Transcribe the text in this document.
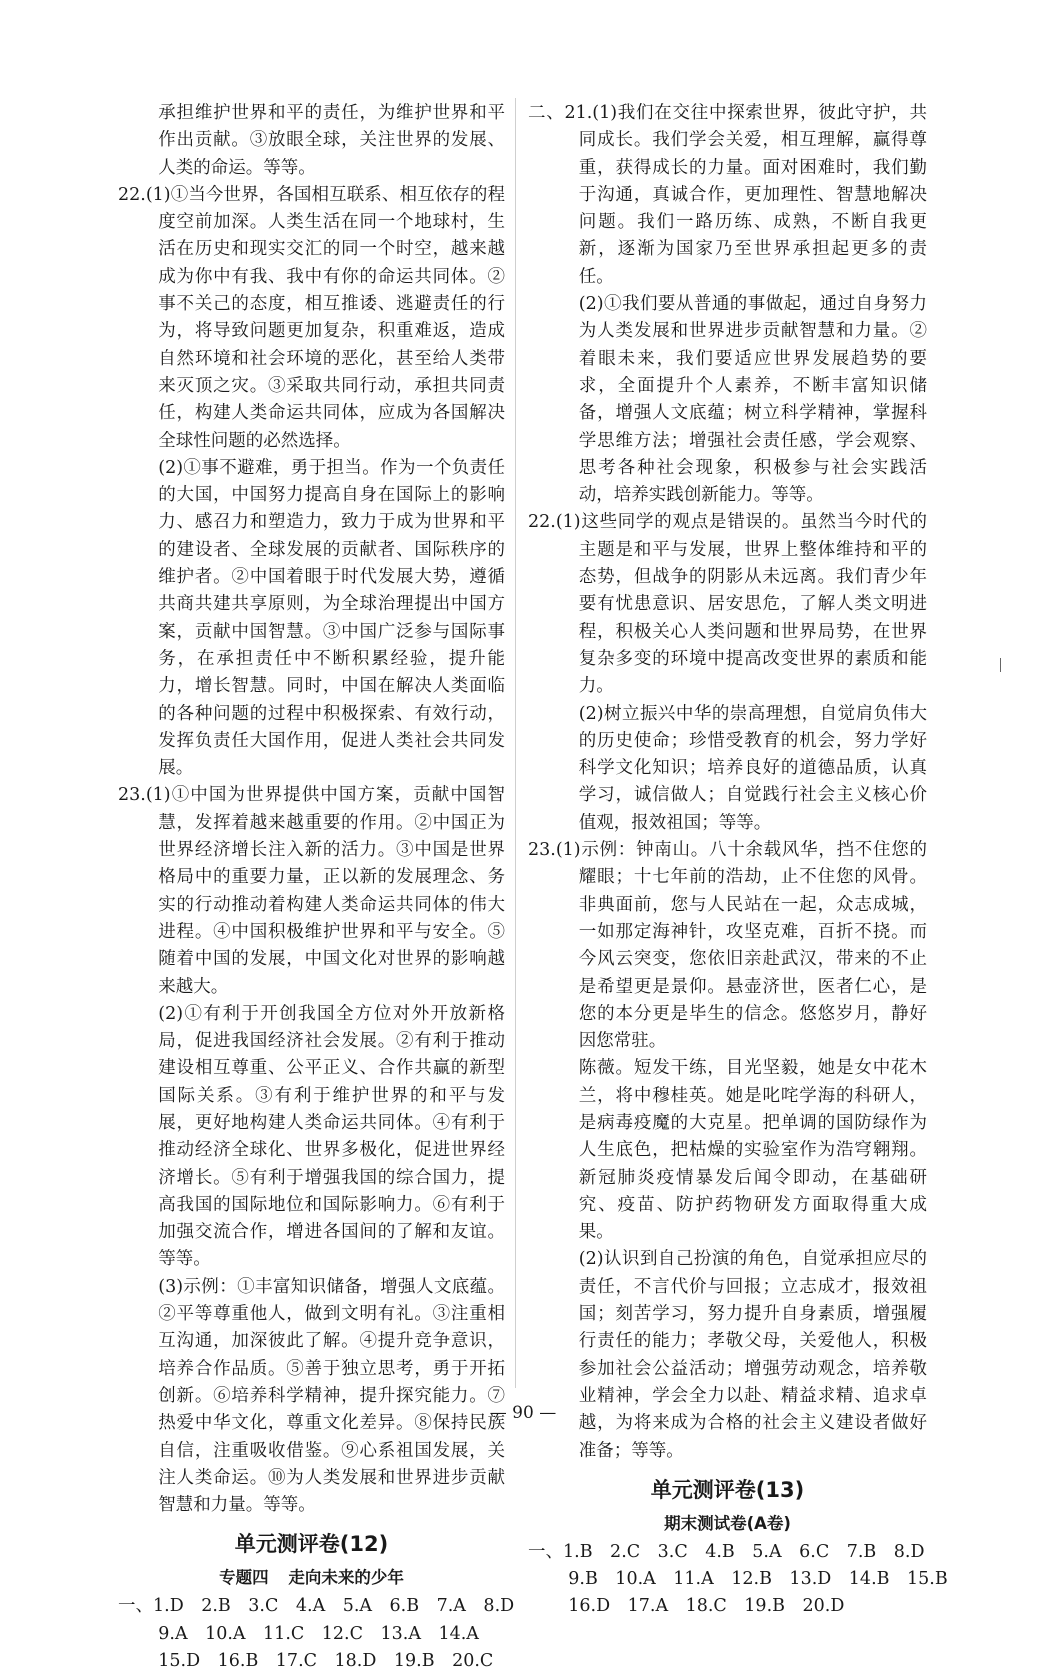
承担维护世界和平的责任，为维护世界和平作出贡献。③放眼全球，关注世界的发展、人类的命运。等等。

22.(1)①当今世界，各国相互联系、相互依存的程度空前加深。人类生活在同一个地球村，生活在历史和现实交汇的同一个时空，越来越成为你中有我、我中有你的命运共同体。②事不关己的态度，相互推诿、逃避责任的行为，将导致问题更加复杂，积重难返，造成自然环境和社会环境的恶化，甚至给人类带来灭顶之灾。③采取共同行动，承担共同责任，构建人类命运共同体，应成为各国解决全球性问题的必然选择。

(2)①事不避难，勇于担当。作为一个负责任的大国，中国努力提高自身在国际上的影响力、感召力和塑造力，致力于成为世界和平的建设者、全球发展的贡献者、国际秩序的维护者。②中国着眼于时代发展大势，遵循共商共建共享原则，为全球治理提出中国方案，贡献中国智慧。③中国广泛参与国际事务，在承担责任中不断积累经验，提升能力，增长智慧。同时，中国在解决人类面临的各种问题的过程中积极探索、有效行动，发挥负责任大国作用，促进人类社会共同发展。

23.(1)①中国为世界提供中国方案，贡献中国智慧，发挥着越来越重要的作用。②中国正为世界经济增长注入新的活力。③中国是世界格局中的重要力量，正以新的发展理念、务实的行动推动着构建人类命运共同体的伟大进程。④中国积极维护世界和平与安全。⑤随着中国的发展，中国文化对世界的影响越来越大。

(2)①有利于开创我国全方位对外开放新格局，促进我国经济社会发展。②有利于推动建设相互尊重、公平正义、合作共赢的新型国际关系。③有利于维护世界的和平与发展，更好地构建人类命运共同体。④有利于推动经济全球化、世界多极化，促进世界经济增长。⑤有利于增强我国的综合国力，提高我国的国际地位和国际影响力。⑥有利于加强交流合作，增进各国间的了解和友谊。等等。

(3)示例：①丰富知识储备，增强人文底蕴。②平等尊重他人，做到文明有礼。③注重相互沟通，加深彼此了解。④提升竞争意识，培养合作品质。⑤善于独立思考，勇于开拓创新。⑥培养科学精神，提升探究能力。⑦热爱中华文化，尊重文化差异。⑧保持民族自信，注重吸收借鉴。⑨心系祖国发展，关注人类命运。⑩为人类发展和世界进步贡献智慧和力量。等等。

单元测评卷(12)
专题四 走向未来的少年

一、1.D　2.B　3.C　4.A　5.A　6.B　7.A　8.D

9.A　10.A　11.C　12.C　13.A　14.A

15.D　16.B　17.C　18.D　19.B　20.C

二、21.(1)我们在交往中探索世界，彼此守护，共同成长。我们学会关爱，相互理解，赢得尊重，获得成长的力量。面对困难时，我们勤于沟通，真诚合作，更加理性、智慧地解决问题。我们一路历练、成熟，不断自我更新，逐渐为国家乃至世界承担起更多的责任。

(2)①我们要从普通的事做起，通过自身努力为人类发展和世界进步贡献智慧和力量。②着眼未来，我们要适应世界发展趋势的要求，全面提升个人素养，不断丰富知识储备，增强人文底蕴；树立科学精神，掌握科学思维方法；增强社会责任感，学会观察、思考各种社会现象，积极参与社会实践活动，培养实践创新能力。等等。

22.(1)这些同学的观点是错误的。虽然当今时代的主题是和平与发展，世界上整体维持和平的态势，但战争的阴影从未远离。我们青少年要有忧患意识、居安思危，了解人类文明进程，积极关心人类问题和世界局势，在世界复杂多变的环境中提高改变世界的素质和能力。

(2)树立振兴中华的崇高理想，自觉肩负伟大的历史使命；珍惜受教育的机会，努力学好科学文化知识；培养良好的道德品质，认真学习，诚信做人；自觉践行社会主义核心价值观，报效祖国；等等。

23.(1)示例：钟南山。八十余载风华，挡不住您的耀眼；十七年前的浩劫，止不住您的风骨。非典面前，您与人民站在一起，众志成城，一如那定海神针，攻坚克难，百折不挠。而今风云突变，您依旧亲赴武汉，带来的不止是希望更是景仰。悬壶济世，医者仁心，是您的本分更是毕生的信念。悠悠岁月，静好因您常驻。

陈薇。短发干练，目光坚毅，她是女中花木兰，将中穆桂英。她是叱咤学海的科研人，是病毒疫魔的大克星。把单调的国防绿作为人生底色，把枯燥的实验室作为浩穹翱翔。新冠肺炎疫情暴发后闻令即动，在基础研究、疫苗、防护药物研发方面取得重大成果。

(2)认识到自己扮演的角色，自觉承担应尽的责任，不言代价与回报；立志成才，报效祖国；刻苦学习，努力提升自身素质，增强履行责任的能力；孝敬父母，关爱他人，积极参加社会公益活动；增强劳动观念，培养敬业精神，学会全力以赴、精益求精、追求卓越，为将来成为合格的社会主义建设者做好准备；等等。

单元测评卷(13)
期末测试卷(A卷)

一、1.B　2.C　3.C　4.B　5.A　6.C　7.B　8.D

9.B　10.A　11.A　12.B　13.D　14.B　15.B

16.D　17.A　18.C　19.B　20.D

— 90 —
